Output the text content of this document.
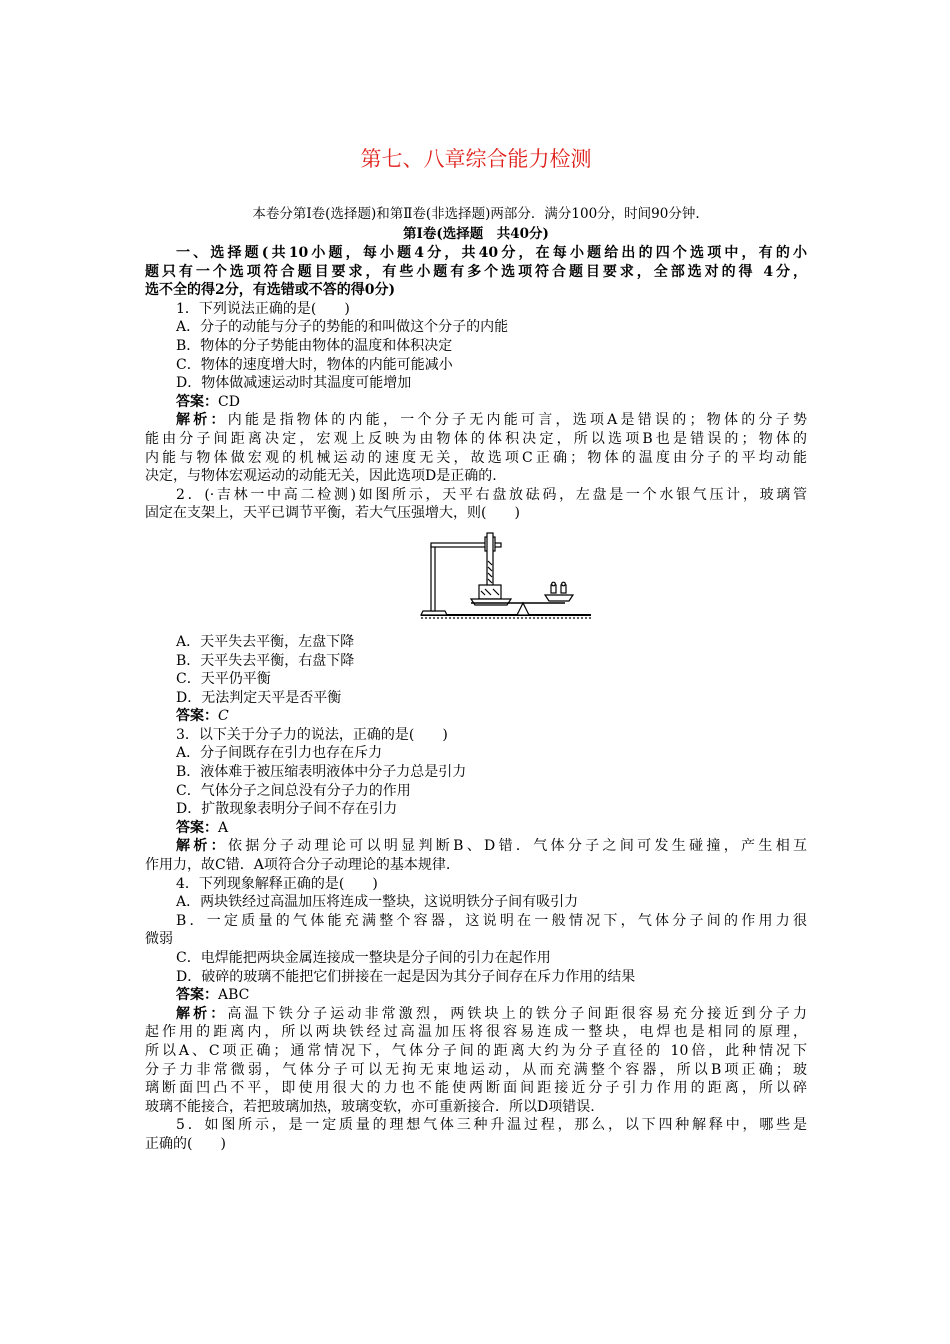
第七、八章综合能力检测
本卷分第Ⅰ卷(选择题)和第Ⅱ卷(非选择题)两部分．满分100分，时间90分钟.
第Ⅰ卷(选择题　共40分)
一、选择题(共10小题，每小题4分，共40分，在每小题给出的四个选项中，有的小
题只有一个选项符合题目要求，有些小题有多个选项符合题目要求，全部选对的得 4分，
选不全的得2分，有选错或不答的得0分)
1．下列说法正确的是(　　)
A．分子的动能与分子的势能的和叫做这个分子的内能
B．物体的分子势能由物体的温度和体积决定
C．物体的速度增大时，物体的内能可能减小
D．物体做减速运动时其温度可能增加
答案：CD
解析：内能是指物体的内能，一个分子无内能可言，选项A是错误的；物体的分子势
能由分子间距离决定，宏观上反映为由物体的体积决定，所以选项B也是错误的；物体的
内能与物体做宏观的机械运动的速度无关，故选项C正确；物体的温度由分子的平均动能
决定，与物体宏观运动的动能无关，因此选项D是正确的.
2．(·吉林一中高二检测)如图所示，天平右盘放砝码，左盘是一个水银气压计，玻璃管
固定在支架上，天平已调节平衡，若大气压强增大，则(　　)
A．天平失去平衡，左盘下降
B．天平失去平衡，右盘下降
C．天平仍平衡
D．无法判定天平是否平衡
答案：C
3．以下关于分子力的说法，正确的是(　　)
A．分子间既存在引力也存在斥力
B．液体难于被压缩表明液体中分子力总是引力
C．气体分子之间总没有分子力的作用
D．扩散现象表明分子间不存在引力
答案：A
解析：依据分子动理论可以明显判断B、D错．气体分子之间可发生碰撞，产生相互
作用力，故C错．A项符合分子动理论的基本规律.
4．下列现象解释正确的是(　　)
A．两块铁经过高温加压将连成一整块，这说明铁分子间有吸引力
B．一定质量的气体能充满整个容器，这说明在一般情况下，气体分子间的作用力很
微弱
C．电焊能把两块金属连接成一整块是分子间的引力在起作用
D．破碎的玻璃不能把它们拼接在一起是因为其分子间存在斥力作用的结果
答案：ABC
解析：高温下铁分子运动非常激烈，两铁块上的铁分子间距很容易充分接近到分子力
起作用的距离内，所以两块铁经过高温加压将很容易连成一整块，电焊也是相同的原理，
所以A、C项正确；通常情况下，气体分子间的距离大约为分子直径的 10倍，此种情况下
分子力非常微弱，气体分子可以无拘无束地运动，从而充满整个容器，所以B项正确；玻
璃断面凹凸不平，即使用很大的力也不能使两断面间距接近分子引力作用的距离，所以碎
玻璃不能接合，若把玻璃加热，玻璃变软，亦可重新接合．所以D项错误.
5．如图所示，是一定质量的理想气体三种升温过程，那么，以下四种解释中，哪些是
正确的(　　)
